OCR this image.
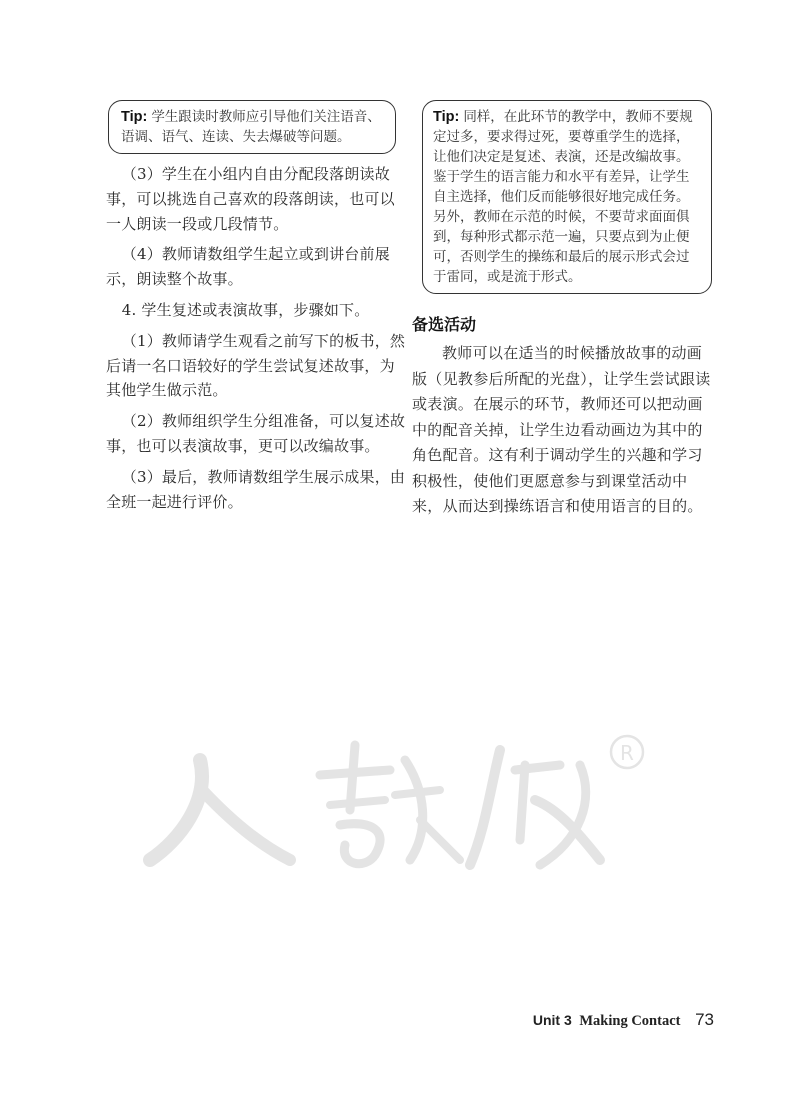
Tip: 学生跟读时教师应引导他们关注语音、语调、语气、连读、失去爆破等问题。

（3）学生在小组内自由分配段落朗读故事，可以挑选自己喜欢的段落朗读，也可以一人朗读一段或几段情节。

（4）教师请数组学生起立或到讲台前展示，朗读整个故事。

4. 学生复述或表演故事，步骤如下。

（1）教师请学生观看之前写下的板书，然后请一名口语较好的学生尝试复述故事，为其他学生做示范。

（2）教师组织学生分组准备，可以复述故事，也可以表演故事，更可以改编故事。

（3）最后，教师请数组学生展示成果，由全班一起进行评价。

Tip: 同样，在此环节的教学中，教师不要规定过多，要求得过死，要尊重学生的选择，让他们决定是复述、表演，还是改编故事。鉴于学生的语言能力和水平有差异，让学生自主选择，他们反而能够很好地完成任务。另外，教师在示范的时候，不要苛求面面俱到，每种形式都示范一遍，只要点到为止便可，否则学生的操练和最后的展示形式会过于雷同，或是流于形式。
备选活动

教师可以在适当的时候播放故事的动画版（见教参后所配的光盘），让学生尝试跟读或表演。在展示的环节，教师还可以把动画中的配音关掉，让学生边看动画边为其中的角色配音。这有利于调动学生的兴趣和学习积极性，使他们更愿意参与到课堂活动中来，从而达到操练语言和使用语言的目的。

人教版
R
Unit 3 Making Contact 73
